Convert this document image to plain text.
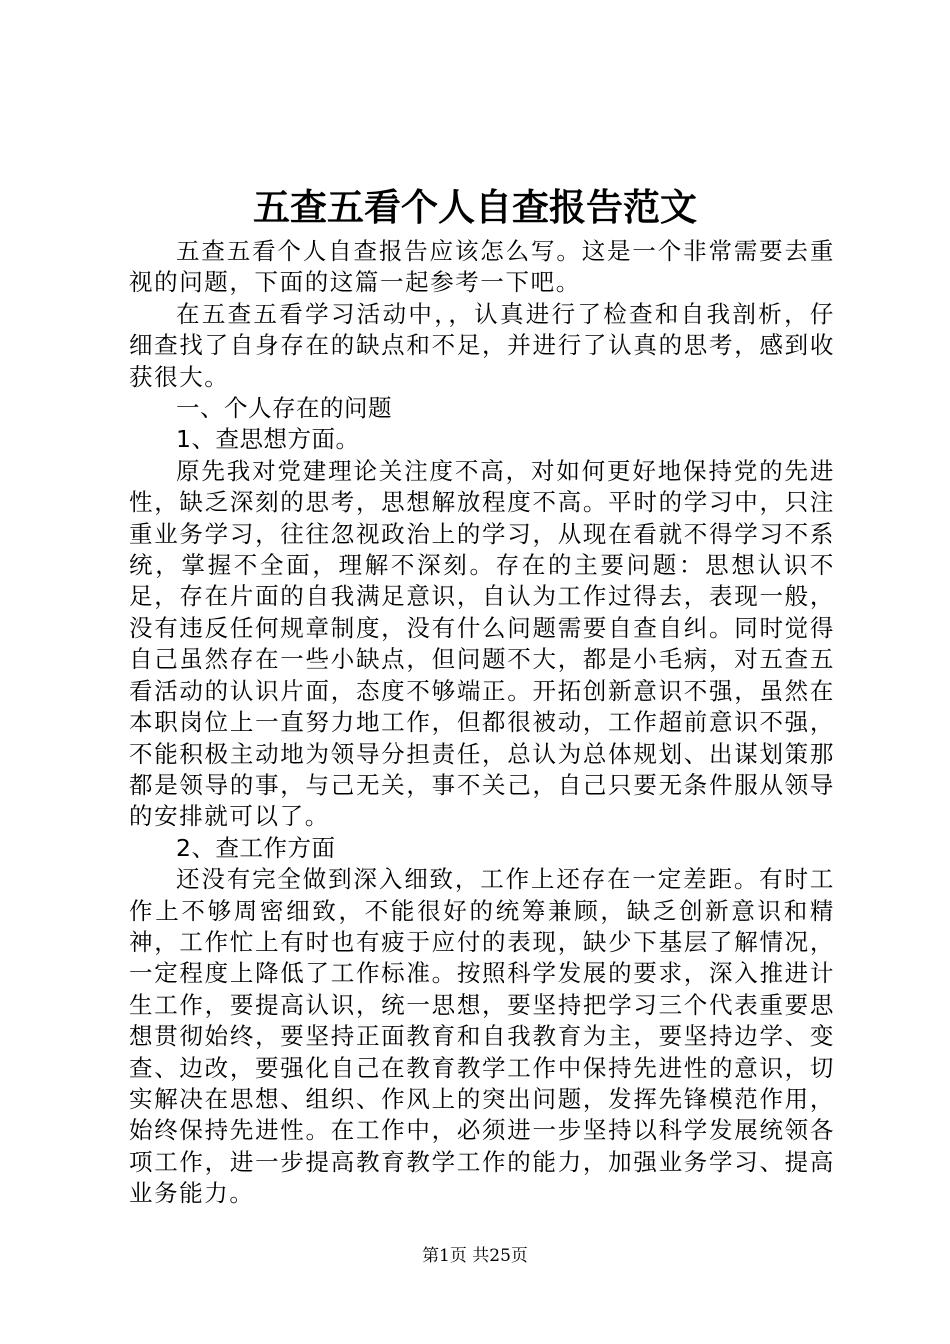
五查五看个人自查报告范文

五查五看个人自查报告应该怎么写。这是一个非常需要去重视的问题，下面的这篇一起参考一下吧。

在五查五看学习活动中，，认真进行了检查和自我剖析，仔细查找了自身存在的缺点和不足，并进行了认真的思考，感到收获很大。

一、个人存在的问题

1、查思想方面。

原先我对党建理论关注度不高，对如何更好地保持党的先进性，缺乏深刻的思考，思想解放程度不高。平时的学习中，只注重业务学习，往往忽视政治上的学习，从现在看就不得学习不系统，掌握不全面，理解不深刻。存在的主要问题：思想认识不足，存在片面的自我满足意识，自认为工作过得去，表现一般，没有违反任何规章制度，没有什么问题需要自查自纠。同时觉得自己虽然存在一些小缺点，但问题不大，都是小毛病，对五查五看活动的认识片面，态度不够端正。开拓创新意识不强，虽然在本职岗位上一直努力地工作，但都很被动，工作超前意识不强，不能积极主动地为领导分担责任，总认为总体规划、出谋划策那都是领导的事，与己无关，事不关己，自己只要无条件服从领导的安排就可以了。

2、查工作方面

还没有完全做到深入细致，工作上还存在一定差距。有时工作上不够周密细致，不能很好的统筹兼顾，缺乏创新意识和精神，工作忙上有时也有疲于应付的表现，缺少下基层了解情况，一定程度上降低了工作标准。按照科学发展的要求，深入推进计生工作，要提高认识，统一思想，要坚持把学习三个代表重要思想贯彻始终，要坚持正面教育和自我教育为主，要坚持边学、变查、边改，要强化自己在教育教学工作中保持先进性的意识，切实解决在思想、组织、作风上的突出问题，发挥先锋模范作用，始终保持先进性。在工作中，必须进一步坚持以科学发展统领各项工作，进一步提高教育教学工作的能力，加强业务学习、提高业务能力。

第1页 共25页
